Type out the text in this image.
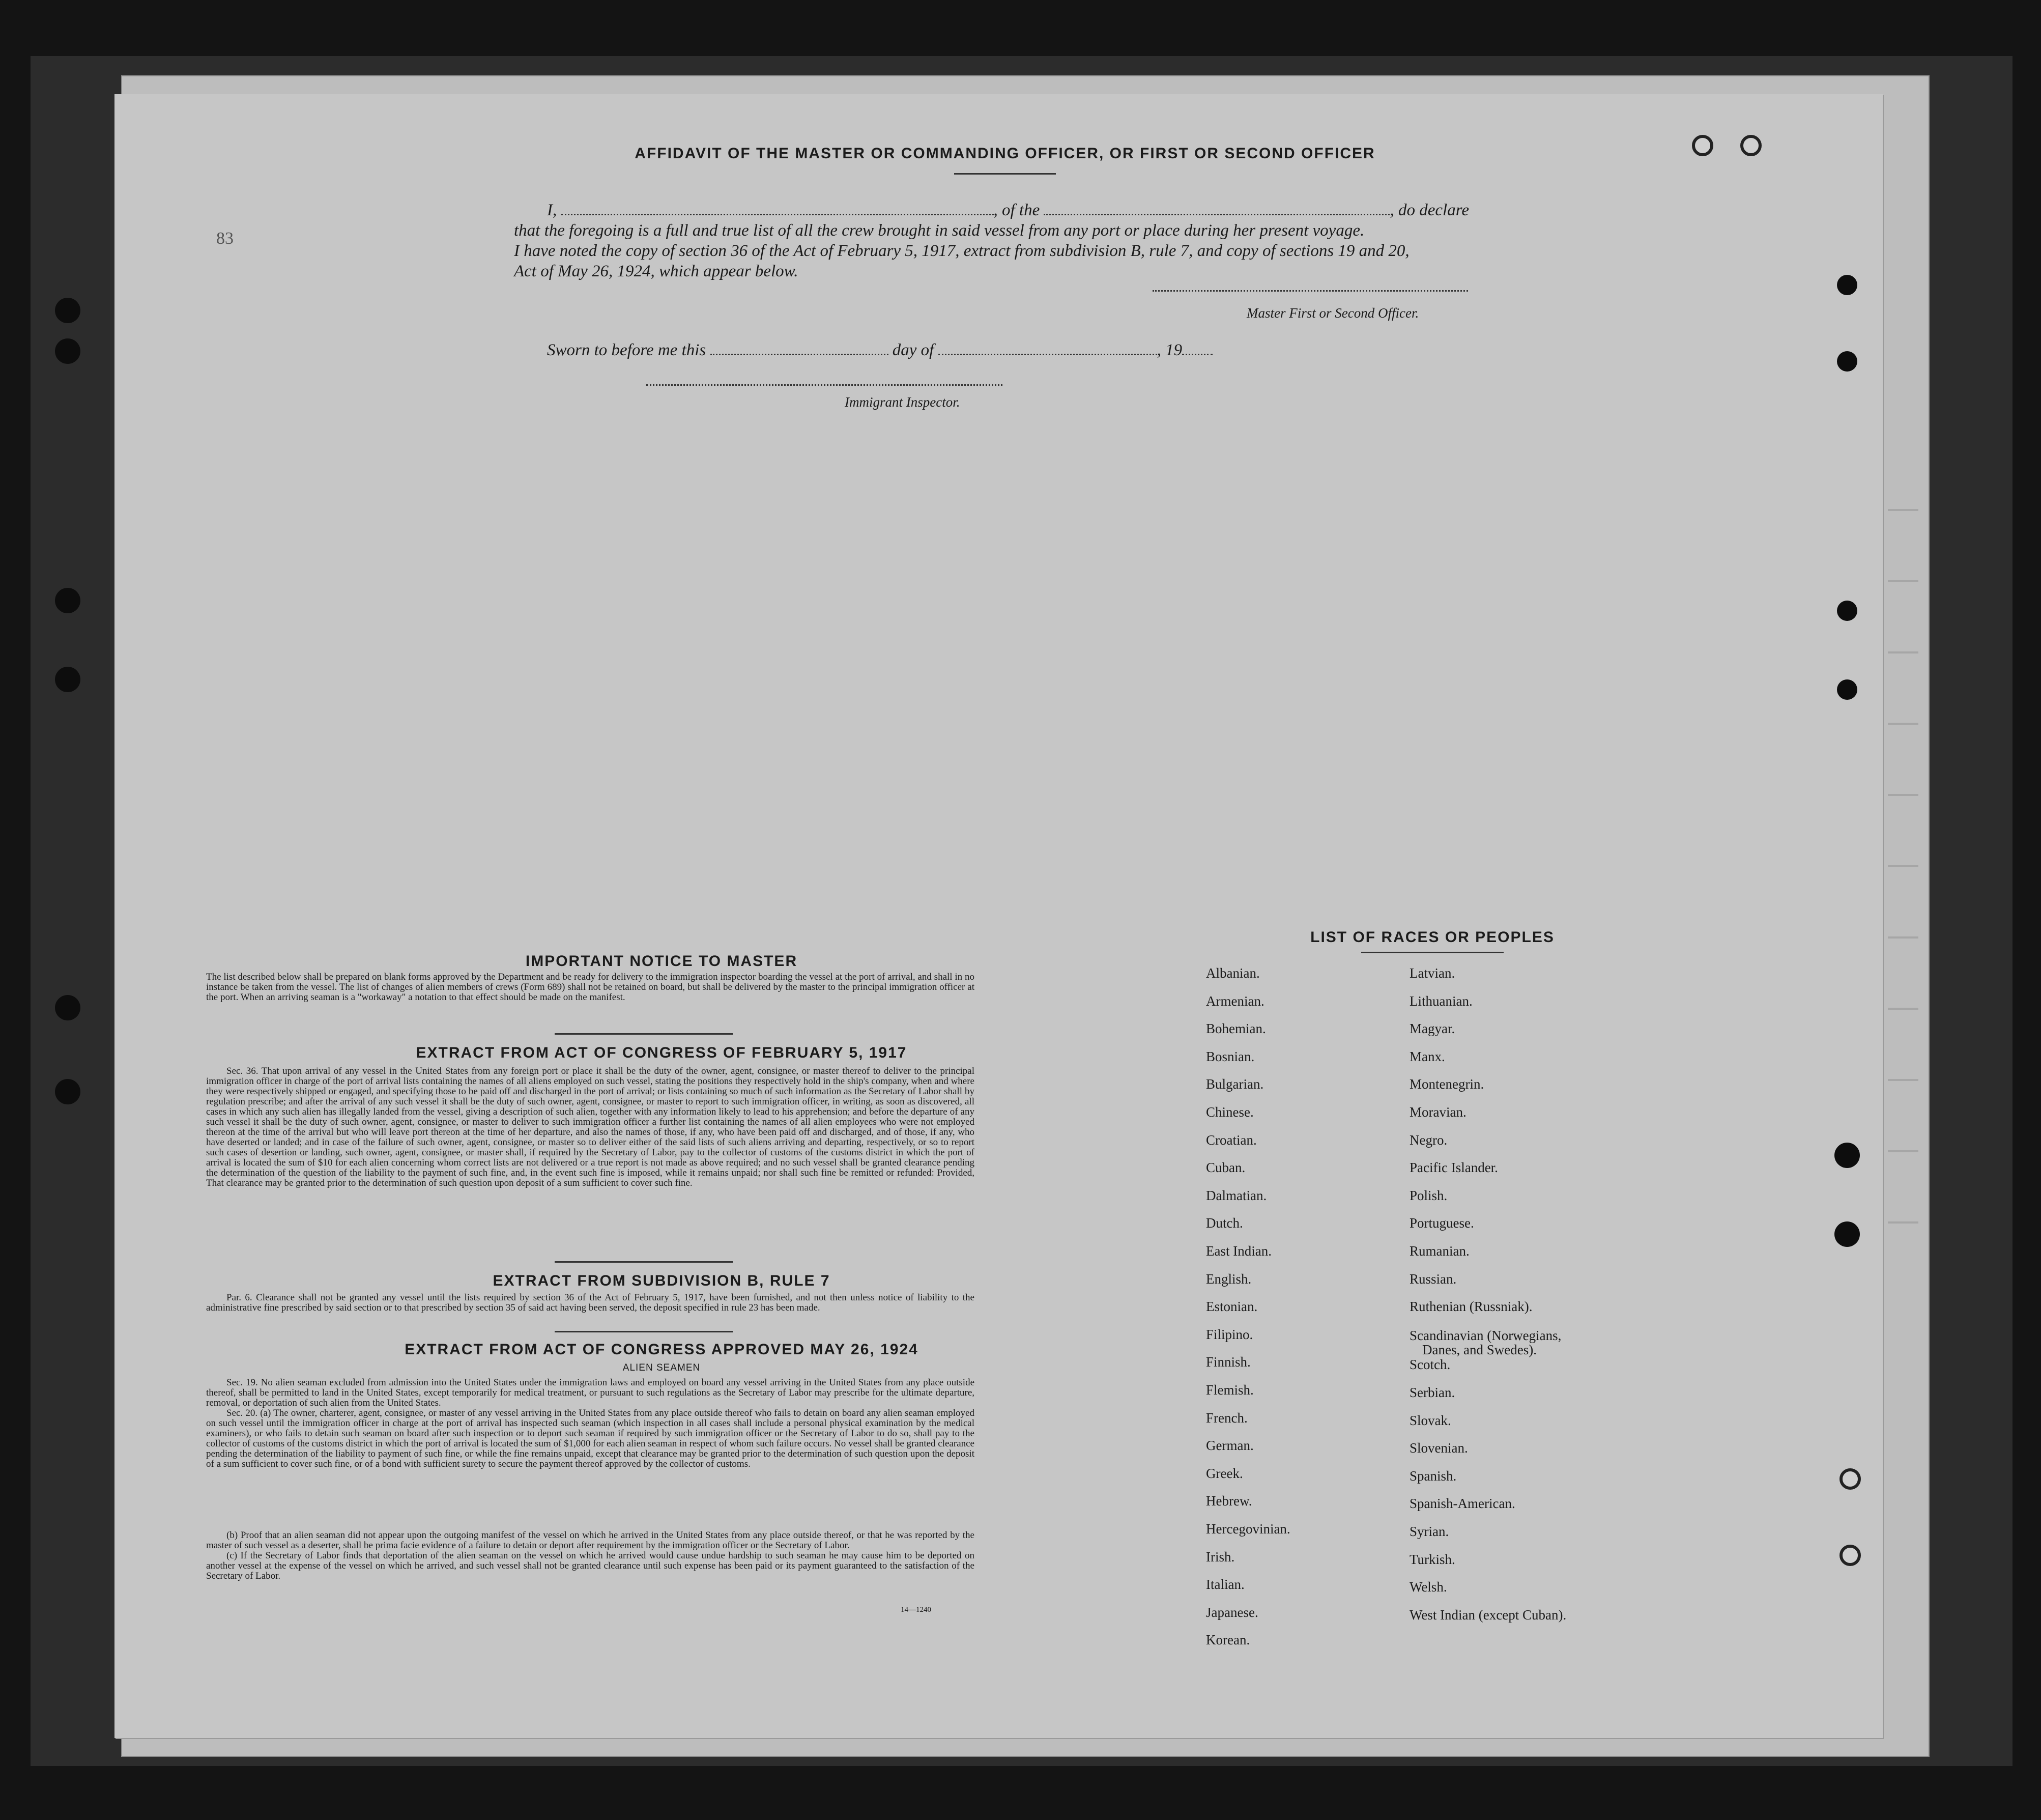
83
AFFIDAVIT OF THE MASTER OR COMMANDING OFFICER, OR FIRST OR SECOND OFFICER
I,	, of the	, do declare
that the foregoing is a full and true list of all the crew brought in said vessel from any port or place during her present voyage.
I have noted the copy of section 36 of the Act of February 5, 1917, extract from subdivision B, rule 7, and copy of sections 19 and 20,
Act of May 26, 1924, which appear below.
Master First or Second Officer.
Sworn to before me this	day of	, 19
Immigrant Inspector.
IMPORTANT NOTICE TO MASTER
The list described below shall be prepared on blank forms approved by the Department and be ready for delivery to the immigration inspector boarding the vessel at the port of arrival, and shall in no instance be taken from the vessel. The list of changes of alien members of crews (Form 689) shall not be retained on board, but shall be delivered by the master to the principal immigration officer at the port. When an arriving seaman is a "workaway" a notation to that effect should be made on the manifest.
EXTRACT FROM ACT OF CONGRESS OF FEBRUARY 5, 1917
Sec. 36. That upon arrival of any vessel in the United States from any foreign port or place it shall be the duty of the owner, agent, consignee, or master thereof to deliver to the principal immigration officer in charge of the port of arrival lists containing the names of all aliens employed on such vessel, stating the positions they respectively hold in the ship's company, when and where they were respectively shipped or engaged, and specifying those to be paid off and discharged in the port of arrival; or lists containing so much of such information as the Secretary of Labor shall by regulation prescribe; and after the arrival of any such vessel it shall be the duty of such owner, agent, consignee, or master to report to such immigration officer, in writing, as soon as discovered, all cases in which any such alien has illegally landed from the vessel, giving a description of such alien, together with any information likely to lead to his apprehension; and before the departure of any such vessel it shall be the duty of such owner, agent, consignee, or master to deliver to such immigration officer a further list containing the names of all alien employees who were not employed thereon at the time of the arrival but who will leave port thereon at the time of her departure, and also the names of those, if any, who have been paid off and discharged, and of those, if any, who have deserted or landed; and in case of the failure of such owner, agent, consignee, or master so to deliver either of the said lists of such aliens arriving and departing, respectively, or so to report such cases of desertion or landing, such owner, agent, consignee, or master shall, if required by the Secretary of Labor, pay to the collector of customs of the customs district in which the port of arrival is located the sum of $10 for each alien concerning whom correct lists are not delivered or a true report is not made as above required; and no such vessel shall be granted clearance pending the determination of the question of the liability to the payment of such fine, and, in the event such fine is imposed, while it remains unpaid; nor shall such fine be remitted or refunded: Provided, That clearance may be granted prior to the determination of such question upon deposit of a sum sufficient to cover such fine.
EXTRACT FROM SUBDIVISION B, RULE 7
Par. 6. Clearance shall not be granted any vessel until the lists required by section 36 of the Act of February 5, 1917, have been furnished, and not then unless notice of liability to the administrative fine prescribed by said section or to that prescribed by section 35 of said act having been served, the deposit specified in rule 23 has been made.
EXTRACT FROM ACT OF CONGRESS APPROVED MAY 26, 1924
ALIEN SEAMEN
Sec. 19. No alien seaman excluded from admission into the United States under the immigration laws and employed on board any vessel arriving in the United States from any place outside thereof, shall be permitted to land in the United States, except temporarily for medical treatment, or pursuant to such regulations as the Secretary of Labor may prescribe for the ultimate departure, removal, or deportation of such alien from the United States.
Sec. 20. (a) The owner, charterer, agent, consignee, or master of any vessel arriving in the United States from any place outside thereof who fails to detain on board any alien seaman employed on such vessel until the immigration officer in charge at the port of arrival has inspected such seaman (which inspection in all cases shall include a personal physical examination by the medical examiners), or who fails to detain such seaman on board after such inspection or to deport such seaman if required by such immigration officer or the Secretary of Labor to do so, shall pay to the collector of customs of the customs district in which the port of arrival is located the sum of $1,000 for each alien seaman in respect of whom such failure occurs. No vessel shall be granted clearance pending the determination of the liability to payment of such fine, or while the fine remains unpaid, except that clearance may be granted prior to the determination of such question upon the deposit of a sum sufficient to cover such fine, or of a bond with sufficient surety to secure the payment thereof approved by the collector of customs.
(b) Proof that an alien seaman did not appear upon the outgoing manifest of the vessel on which he arrived in the United States from any place outside thereof, or that he was reported by the master of such vessel as a deserter, shall be prima facie evidence of a failure to detain or deport after requirement by the immigration officer or the Secretary of Labor.
(c) If the Secretary of Labor finds that deportation of the alien seaman on the vessel on which he arrived would cause undue hardship to such seaman he may cause him to be deported on another vessel at the expense of the vessel on which he arrived, and such vessel shall not be granted clearance until such expense has been paid or its payment guaranteed to the satisfaction of the Secretary of Labor.
14—1240
LIST OF RACES OR PEOPLES
Albanian.
Armenian.
Bohemian.
Bosnian.
Bulgarian.
Chinese.
Croatian.
Cuban.
Dalmatian.
Dutch.
East Indian.
English.
Estonian.
Filipino.
Finnish.
Flemish.
French.
German.
Greek.
Hebrew.
Hercegovinian.
Irish.
Italian.
Japanese.
Korean.
Latvian.
Lithuanian.
Magyar.
Manx.
Montenegrin.
Moravian.
Negro.
Pacific Islander.
Polish.
Portuguese.
Rumanian.
Russian.
Ruthenian (Russniak).
Scandinavian (Norwegians,
Danes, and Swedes).
Scotch.
Serbian.
Slovak.
Slovenian.
Spanish.
Spanish-American.
Syrian.
Turkish.
Welsh.
West Indian (except Cuban).
